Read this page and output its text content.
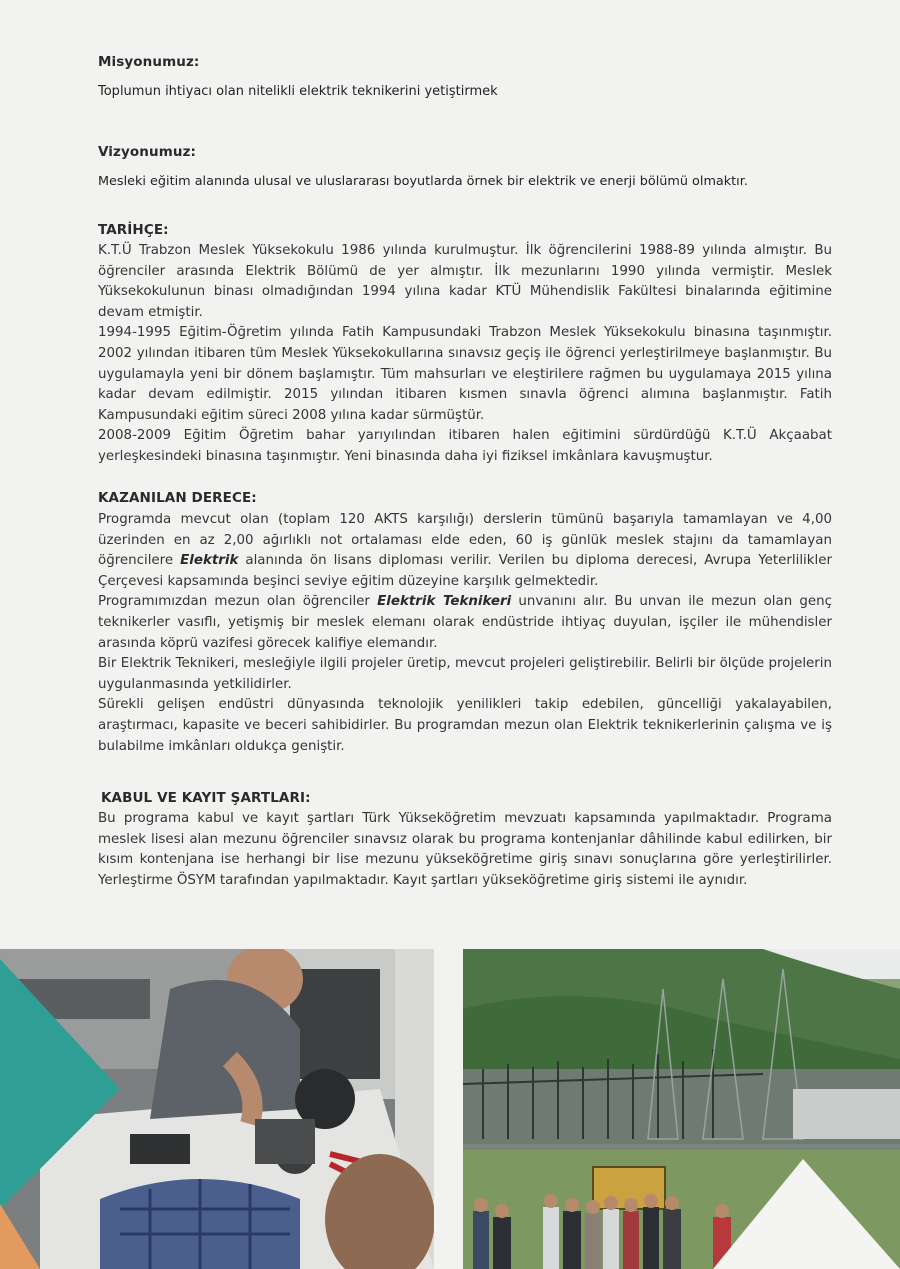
Misyonumuz:

Toplumun ihtiyacı olan nitelikli elektrik teknikerini yetiştirmek

Vizyonumuz:

Mesleki eğitim alanında ulusal ve uluslararası boyutlarda örnek bir elektrik ve enerji bölümü olmaktır.

TARİHÇE:

K.T.Ü Trabzon Meslek Yüksekokulu 1986 yılında kurulmuştur. İlk öğrencilerini 1988-89 yılında almıştır. Bu öğrenciler arasında Elektrik Bölümü de yer almıştır. İlk mezunlarını 1990 yılında vermiştir. Meslek Yüksekokulunun binası olmadığından 1994 yılına kadar KTÜ Mühendislik Fakültesi binalarında eğitimine devam etmiştir.

1994-1995 Eğitim-Öğretim yılında Fatih Kampusundaki Trabzon Meslek Yüksekokulu binasına taşınmıştır. 2002 yılından itibaren tüm Meslek Yüksekokullarına sınavsız geçiş ile öğrenci yerleştirilmeye başlanmıştır. Bu uygulamayla yeni bir dönem başlamıştır. Tüm mahsurları ve eleştirilere rağmen bu uygulamaya 2015 yılına kadar devam edilmiştir. 2015 yılından itibaren kısmen sınavla öğrenci alımına başlanmıştır. Fatih Kampusundaki eğitim süreci 2008 yılına kadar sürmüştür.

2008-2009 Eğitim Öğretim bahar yarıyılından itibaren halen eğitimini sürdürdüğü K.T.Ü Akçaabat yerleşkesindeki binasına taşınmıştır. Yeni binasında daha iyi fiziksel imkânlara kavuşmuştur.

KAZANILAN DERECE:

Programda mevcut olan (toplam 120 AKTS karşılığı) derslerin tümünü başarıyla tamamlayan ve 4,00 üzerinden en az 2,00 ağırlıklı not ortalaması elde eden, 60 iş günlük meslek stajını da tamamlayan öğrencilere Elektrik alanında ön lisans diploması verilir. Verilen bu diploma derecesi, Avrupa Yeterlilikler Çerçevesi kapsamında beşinci seviye eğitim düzeyine karşılık gelmektedir.

Programımızdan mezun olan öğrenciler Elektrik Teknikeri unvanını alır. Bu unvan ile mezun olan genç teknikerler vasıflı, yetişmiş bir meslek elemanı olarak endüstride ihtiyaç duyulan, işçiler ile mühendisler arasında köprü vazifesi görecek kalifiye elemandır.

Bir Elektrik Teknikeri, mesleğiyle ilgili projeler üretip, mevcut projeleri geliştirebilir. Belirli bir ölçüde projelerin uygulanmasında yetkilidirler.

Sürekli gelişen endüstri dünyasında teknolojik yenilikleri takip edebilen, güncelliği yakalayabilen, araştırmacı, kapasite ve beceri sahibidirler. Bu programdan mezun olan Elektrik teknikerlerinin çalışma ve iş bulabilme imkânları oldukça geniştir.

KABUL VE KAYIT ŞARTLARI:

Bu programa kabul ve kayıt şartları Türk Yükseköğretim mevzuatı kapsamında yapılmaktadır. Programa meslek lisesi alan mezunu öğrenciler sınavsız olarak bu programa kontenjanlar dâhilinde kabul edilirken, bir kısım kontenjana ise herhangi bir lise mezunu yükseköğretime giriş sınavı sonuçlarına göre yerleştirilirler. Yerleştirme ÖSYM tarafından yapılmaktadır. Kayıt şartları yükseköğretime giriş sistemi ile aynıdır.
